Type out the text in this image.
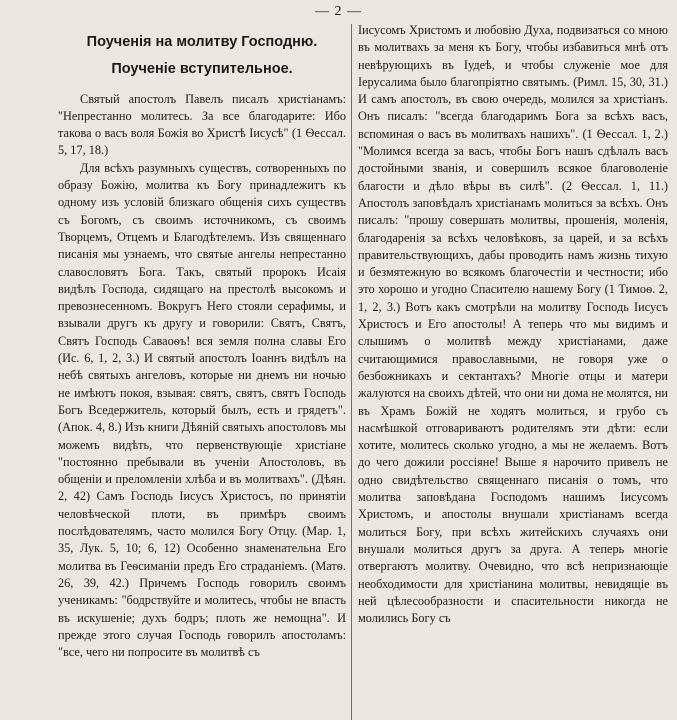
— 2 —
Поученія на молитву Господню.
Поученіе вступительное.

Святый апостолъ Павелъ писалъ христіанамъ: "Непрестанно молитесь. За все благодарите: Ибо такова о васъ воля Божія во Христѣ Іисусѣ" (1 Ѳессал. 5, 17, 18.)

Для всѣхъ разумныхъ существъ, сотворенныхъ по образу Божію, молитва къ Богу принадлежитъ къ одному изъ условій близкаго общенія сихъ существъ съ Богомъ, съ своимъ источникомъ, съ своимъ Творцемъ, Отцемъ и Благодѣтелемъ. Изъ священнаго писанія мы узнаемъ, что святые ангелы непрестанно славословятъ Бога. Такъ, святый пророкъ Исаія видѣлъ Господа, сидящаго на престолѣ высокомъ и превознесенномъ. Вокругъ Него стояли серафимы, и взывали другъ къ другу и говорили: Святъ, Святъ, Святъ Господь Саваоѳъ! вся земля полна славы Его (Ис. 6, 1, 2, 3.) И святый апостолъ Іоаннъ видѣлъ на небѣ святыхъ ангеловъ, которые ни днемъ ни ночью не имѣютъ покоя, взывая: святъ, святъ, святъ Господь Богъ Вседержитель, который былъ, есть и грядетъ". (Апок. 4, 8.) Изъ книги Дѣяній святыхъ апостоловъ мы можемъ видѣть, что первенствующіе христіане "постоянно пребывали въ ученіи Апостоловъ, въ общеніи и преломленіи хлѣба и въ молитвахъ". (Дѣян. 2, 42) Самъ Господь Іисусъ Христосъ, по принятіи человѣческой плоти, въ примѣръ своимъ послѣдователямъ, часто молился Богу Отцу. (Мар. 1, 35, Лук. 5, 10; 6, 12) Особенно знаменательна Его молитва въ Геѳсиманіи предъ Его страданіемъ. (Матѳ. 26, 39, 42.) Причемъ Господь говорилъ своимъ ученикамъ: "бодрствуйте и молитесь, чтобы не впасть въ искушеніе; духъ бодръ; плоть же немощна". И прежде этого случая Господь говорилъ апостоламъ: "все, чего ни попросите въ молитвѣ съ

Іисусомъ Христомъ и любовію Духа, подвизаться со мною въ молитвахъ за меня къ Богу, чтобы избавиться мнѣ отъ невѣрующихъ въ Іудеѣ, и чтобы служеніе мое для Іерусалима было благопріятно святымъ. (Римл. 15, 30, 31.) И самъ апостолъ, въ свою очередь, молился за христіанъ. Онъ писалъ: "всегда благодаримъ Бога за всѣхъ васъ, вспоминая о васъ въ молитвахъ нашихъ". (1 Ѳессал. 1, 2.) "Молимся всегда за васъ, чтобы Богъ нашъ сдѣлалъ васъ достойными званія, и совершилъ всякое благоволеніе благости и дѣло вѣры въ силѣ". (2 Ѳессал. 1, 11.) Апостолъ заповѣдалъ христіанамъ молиться за всѣхъ. Онъ писалъ: "прошу совершать молитвы, прошенія, моленія, благодаренія за всѣхъ человѣковъ, за царей, и за всѣхъ правительствующихъ, дабы проводить намъ жизнь тихую и безмятежную во всякомъ благочестіи и честности; ибо это хорошо и угодно Спасителю нашему Богу (1 Тимоѳ. 2, 1, 2, 3.) Вотъ какъ смотрѣли на молитву Господь Іисусъ Христосъ и Его апостолы! А теперь что мы видимъ и слышимъ о молитвѣ между христіанами, даже считающимися православными, не говоря уже о безбожникахъ и сектантахъ? Многіе отцы и матери жалуются на своихъ дѣтей, что они ни дома не молятся, ни въ Храмъ Божій не ходятъ молиться, и грубо съ насмѣшкой отговариваютъ родителямъ эти дѣти: если хотите, молитесь сколько угодно, а мы не желаемъ. Вотъ до чего дожили россіяне! Выше я нарочито привелъ не одно свидѣтельство священнаго писанія о томъ, что молитва заповѣдана Господомъ нашимъ Іисусомъ Христомъ, и апостолы внушали христіанамъ всегда молиться Богу, при всѣхъ житейскихъ случаяхъ они внушали молиться другъ за друга. А теперь многіе отвергаютъ молитву. Очевидно, что всѣ непризнающіе необходимости для христіанина молитвы, невидящіе въ ней цѣлесообразности и спасительности никогда не молились Богу съ
